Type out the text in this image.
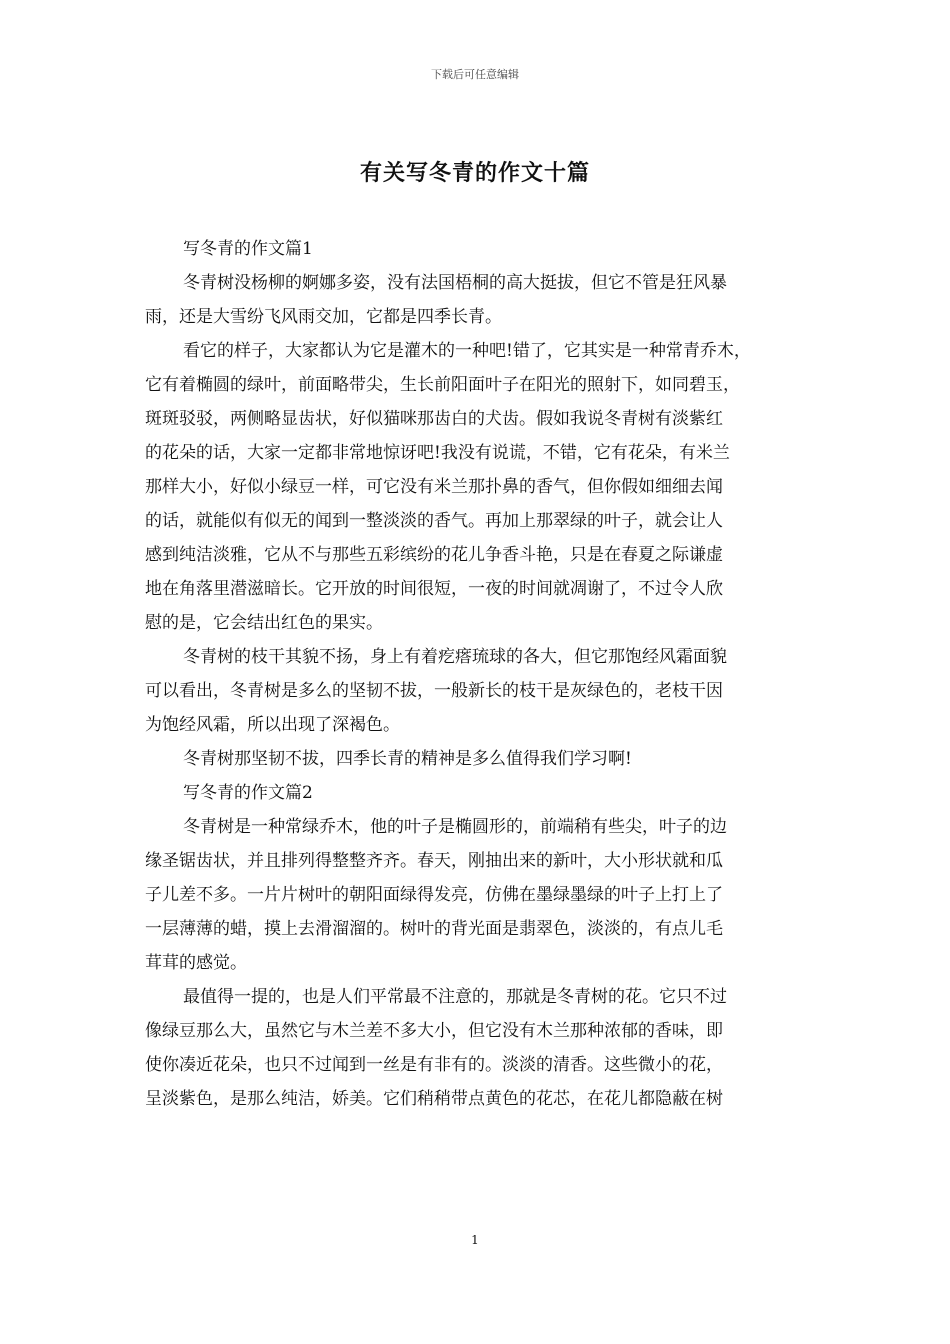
下载后可任意编辑
有关写冬青的作文十篇
写冬青的作文篇1
冬青树没杨柳的婀娜多姿，没有法国梧桐的高大挺拔，但它不管是狂风暴
雨，还是大雪纷飞风雨交加，它都是四季长青。
看它的样子，大家都认为它是灌木的一种吧!错了，它其实是一种常青乔木，
它有着椭圆的绿叶，前面略带尖，生长前阳面叶子在阳光的照射下，如同碧玉，
斑斑驳驳，两侧略显齿状，好似猫咪那齿白的犬齿。假如我说冬青树有淡紫红
的花朵的话，大家一定都非常地惊讶吧!我没有说谎，不错，它有花朵，有米兰
那样大小，好似小绿豆一样，可它没有米兰那扑鼻的香气，但你假如细细去闻
的话，就能似有似无的闻到一整淡淡的香气。再加上那翠绿的叶子，就会让人
感到纯洁淡雅，它从不与那些五彩缤纷的花儿争香斗艳，只是在春夏之际谦虚
地在角落里潜滋暗长。它开放的时间很短，一夜的时间就凋谢了，不过令人欣
慰的是，它会结出红色的果实。
冬青树的枝干其貌不扬，身上有着疙瘩琉球的各大，但它那饱经风霜面貌
可以看出，冬青树是多么的坚韧不拔，一般新长的枝干是灰绿色的，老枝干因
为饱经风霜，所以出现了深褐色。
冬青树那坚韧不拔，四季长青的精神是多么值得我们学习啊!
写冬青的作文篇2
冬青树是一种常绿乔木，他的叶子是椭圆形的，前端稍有些尖，叶子的边
缘圣锯齿状，并且排列得整整齐齐。春天，刚抽出来的新叶，大小形状就和瓜
子儿差不多。一片片树叶的朝阳面绿得发亮，仿佛在墨绿墨绿的叶子上打上了
一层薄薄的蜡，摸上去滑溜溜的。树叶的背光面是翡翠色，淡淡的，有点儿毛
茸茸的感觉。
最值得一提的，也是人们平常最不注意的，那就是冬青树的花。它只不过
像绿豆那么大，虽然它与木兰差不多大小，但它没有木兰那种浓郁的香味，即
使你凑近花朵，也只不过闻到一丝是有非有的。淡淡的清香。这些微小的花，
呈淡紫色，是那么纯洁，娇美。它们稍稍带点黄色的花芯，在花儿都隐蔽在树
1
